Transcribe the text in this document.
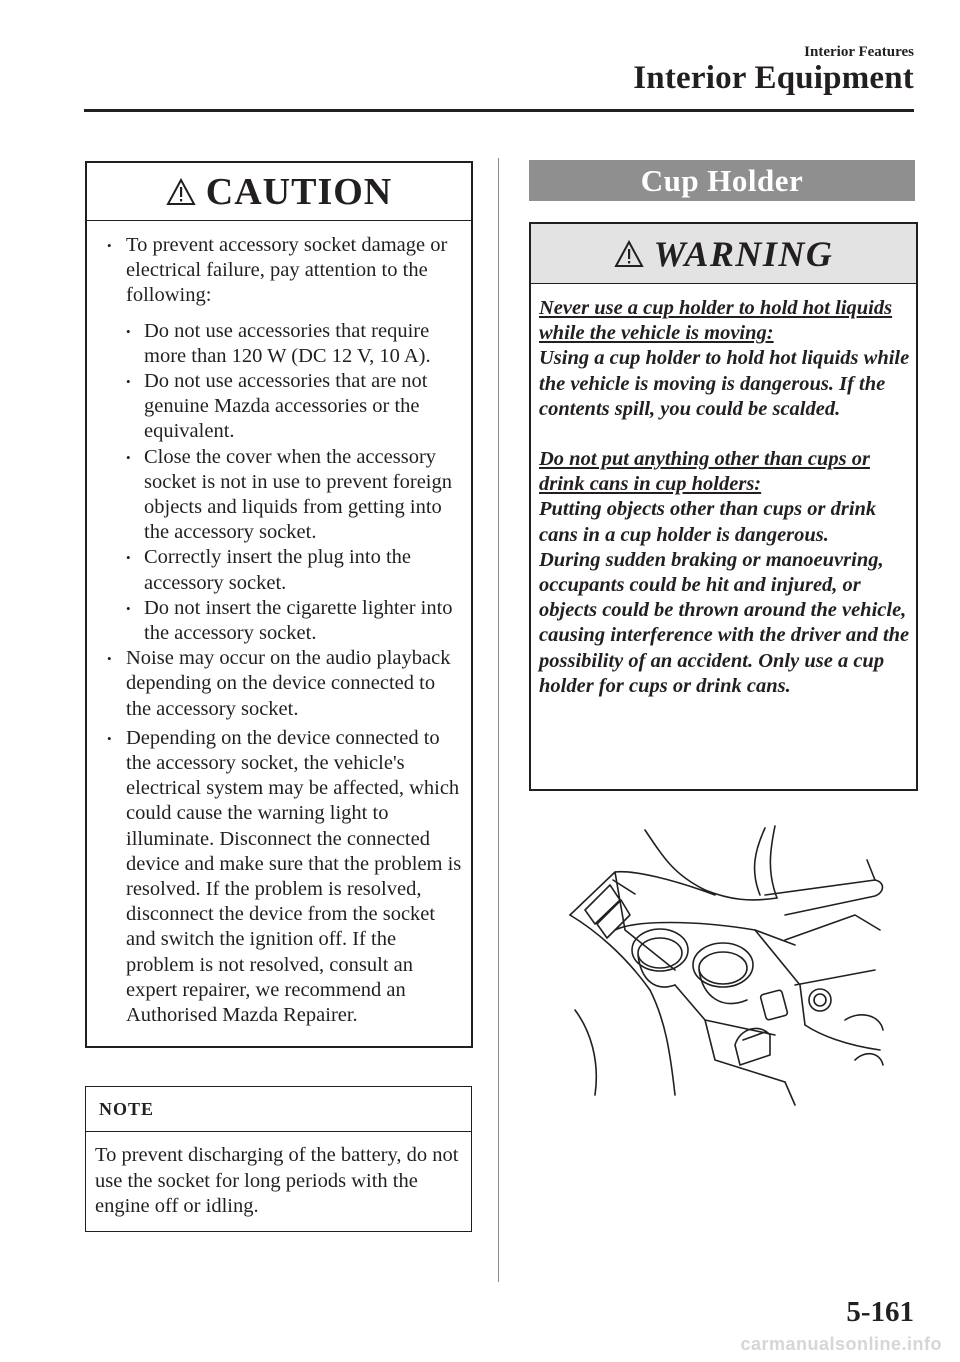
Interior Features
Interior Equipment
CAUTION
• To prevent accessory socket damage or electrical failure, pay attention to the following:
• Do not use accessories that require more than 120 W (DC 12 V, 10 A).
• Do not use accessories that are not genuine Mazda accessories or the equivalent.
• Close the cover when the accessory socket is not in use to prevent foreign objects and liquids from getting into the accessory socket.
• Correctly insert the plug into the accessory socket.
• Do not insert the cigarette lighter into the accessory socket.
• Noise may occur on the audio playback depending on the device connected to the accessory socket.
• Depending on the device connected to the accessory socket, the vehicle's electrical system may be affected, which could cause the warning light to illuminate. Disconnect the connected device and make sure that the problem is resolved. If the problem is resolved, disconnect the device from the socket and switch the ignition off. If the problem is not resolved, consult an expert repairer, we recommend an Authorised Mazda Repairer.
NOTE
To prevent discharging of the battery, do not use the socket for long periods with the engine off or idling.
Cup Holder
WARNING

Never use a cup holder to hold hot liquids while the vehicle is moving:
Using a cup holder to hold hot liquids while the vehicle is moving is dangerous. If the contents spill, you could be scalded.

Do not put anything other than cups or drink cans in cup holders:
Putting objects other than cups or drink cans in a cup holder is dangerous.
During sudden braking or manoeuvring, occupants could be hit and injured, or objects could be thrown around the vehicle, causing interference with the driver and the possibility of an accident. Only use a cup holder for cups or drink cans.

5-161
carmanualsonline.info
